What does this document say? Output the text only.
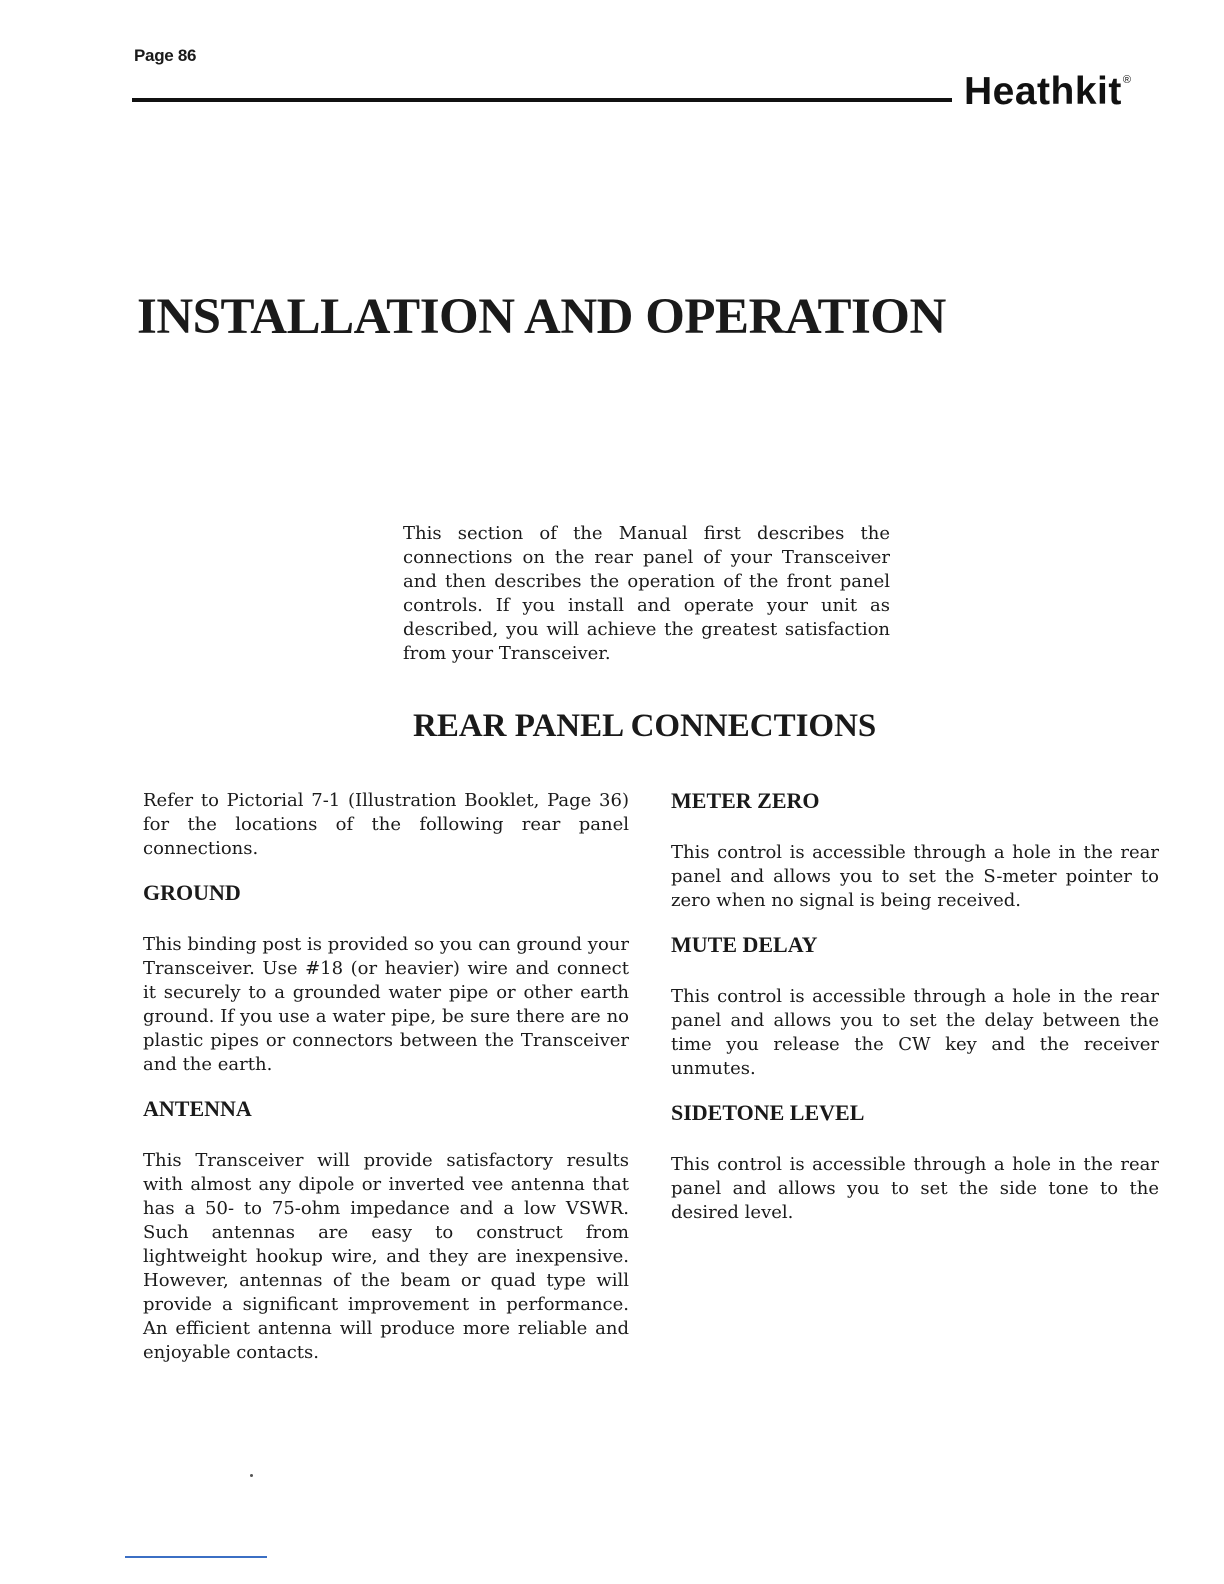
Page 86
Heathkit®
INSTALLATION AND OPERATION

This section of the Manual first describes the connections on the rear panel of your Transceiver and then describes the operation of the front panel controls. If you install and operate your unit as described, you will achieve the greatest satisfaction from your Transceiver.

REAR PANEL CONNECTIONS

Refer to Pictorial 7-1 (Illustration Booklet, Page 36) for the locations of the following rear panel connections.

GROUND

This binding post is provided so you can ground your Transceiver. Use #18 (or heavier) wire and connect it securely to a grounded water pipe or other earth ground. If you use a water pipe, be sure there are no plastic pipes or connectors between the Transceiver and the earth.

ANTENNA

This Transceiver will provide satisfactory results with almost any dipole or inverted vee antenna that has a 50- to 75-ohm impedance and a low VSWR. Such antennas are easy to construct from lightweight hookup wire, and they are inexpensive. However, antennas of the beam or quad type will provide a significant improvement in performance. An efficient antenna will produce more reliable and enjoyable contacts.

METER ZERO

This control is accessible through a hole in the rear panel and allows you to set the S-meter pointer to zero when no signal is being received.

MUTE DELAY

This control is accessible through a hole in the rear panel and allows you to set the delay between the time you release the CW key and the receiver unmutes.

SIDETONE LEVEL

This control is accessible through a hole in the rear panel and allows you to set the side tone to the desired level.
